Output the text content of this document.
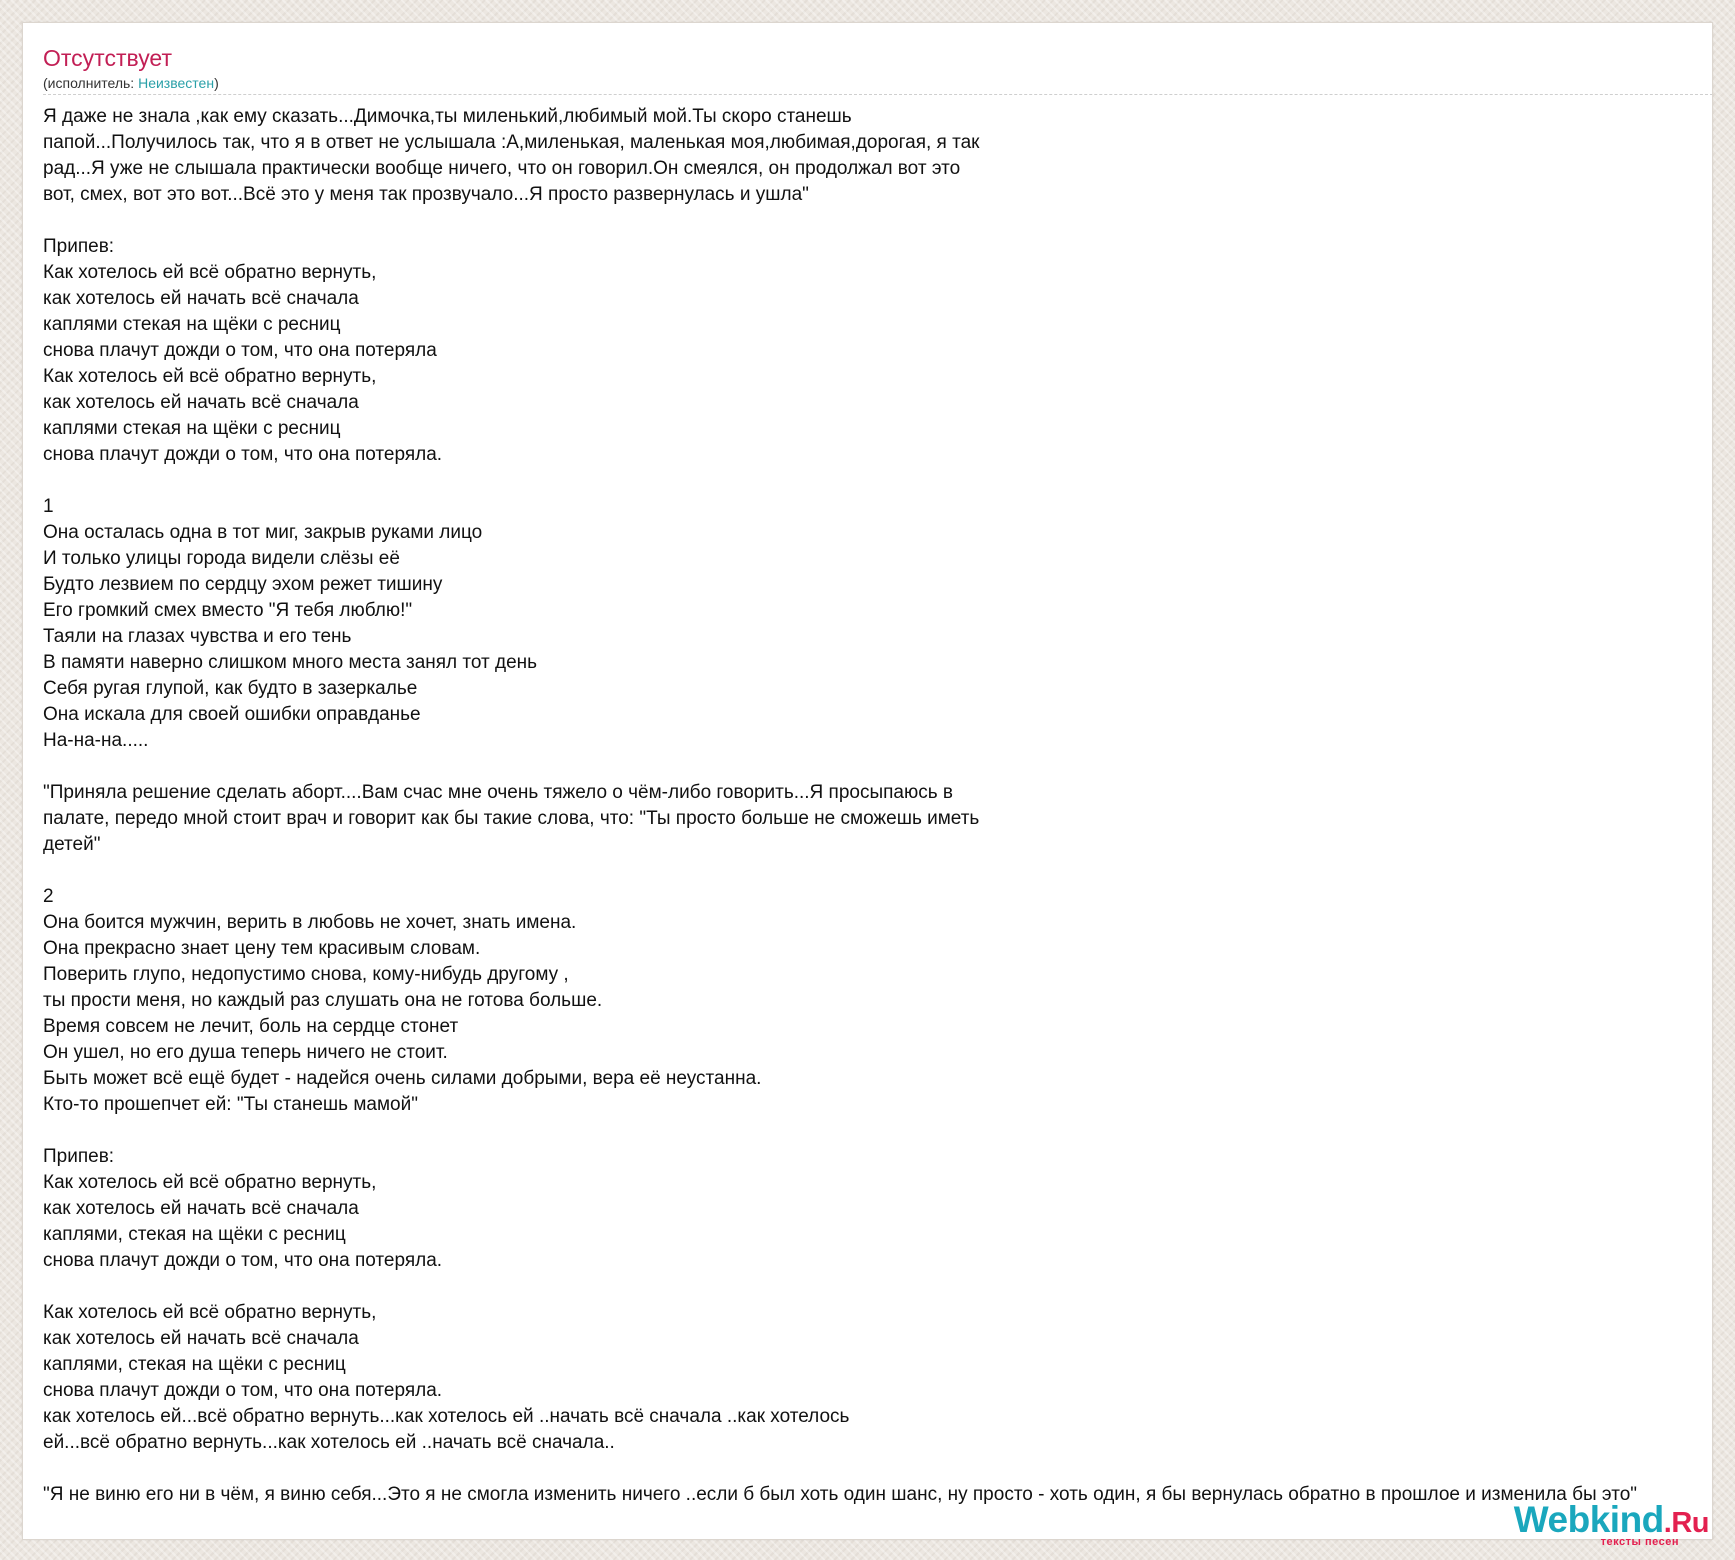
Отсутствует
(исполнитель: Неизвестен)
Я даже не знала ,как ему сказать...Димочка,ты миленький,любимый мой.Ты скоро станешь
папой...Получилось так, что я в ответ не услышала :А,миленькая, маленькая моя,любимая,дорогая, я так
рад...Я уже не слышала практически вообще ничего, что он говорил.Он смеялся, он продолжал вот это
вот, смех, вот это вот...Всё это у меня так прозвучало...Я просто развернулась и ушла"
Припев:
Как хотелось ей всё обратно вернуть,
как хотелось ей начать всё сначала
каплями стекая на щёки с ресниц
снова плачут дожди о том, что она потеряла
Как хотелось ей всё обратно вернуть,
как хотелось ей начать всё сначала
каплями стекая на щёки с ресниц
снова плачут дожди о том, что она потеряла.
1
Она осталась одна в тот миг, закрыв руками лицо
И только улицы города видели слёзы её
Будто лезвием по сердцу эхом режет тишину
Его громкий смех вместо "Я тебя люблю!"
Таяли на глазах чувства и его тень
В памяти наверно слишком много места занял тот день
Себя ругая глупой, как будто в зазеркалье
Она искала для своей ошибки оправданье
На-на-на.....
"Приняла решение сделать аборт....Вам счас мне очень тяжело о чём-либо говорить...Я просыпаюсь в
палате, передо мной стоит врач и говорит как бы такие слова, что: "Ты просто больше не сможешь иметь
детей"
2
Она боится мужчин, верить в любовь не хочет, знать имена.
Она прекрасно знает цену тем красивым словам.
Поверить глупо, недопустимо снова, кому-нибудь другому ,
ты прости меня, но каждый раз слушать она не готова больше.
Время совсем не лечит, боль на сердце стонет
Он ушел, но его душа теперь ничего не стоит.
Быть может всё ещё будет - надейся очень силами добрыми, вера её неустанна.
Кто-то прошепчет ей: "Ты станешь мамой"
Припев:
Как хотелось ей всё обратно вернуть,
как хотелось ей начать всё сначала
каплями, стекая на щёки с ресниц
снова плачут дожди о том, что она потеряла.
Как хотелось ей всё обратно вернуть,
как хотелось ей начать всё сначала
каплями, стекая на щёки с ресниц
снова плачут дожди о том, что она потеряла.
как хотелось ей...всё обратно вернуть...как хотелось ей ..начать всё сначала ..как хотелось
ей...всё обратно вернуть...как хотелось ей ..начать всё сначала..
"Я не виню его ни в чём, я виню себя...Это я не смогла изменить ничего ..если б был хоть один шанс, ну просто - хоть один, я бы вернулась обратно в прошлое и изменила бы это"
Webkind.Ru
тексты песен
